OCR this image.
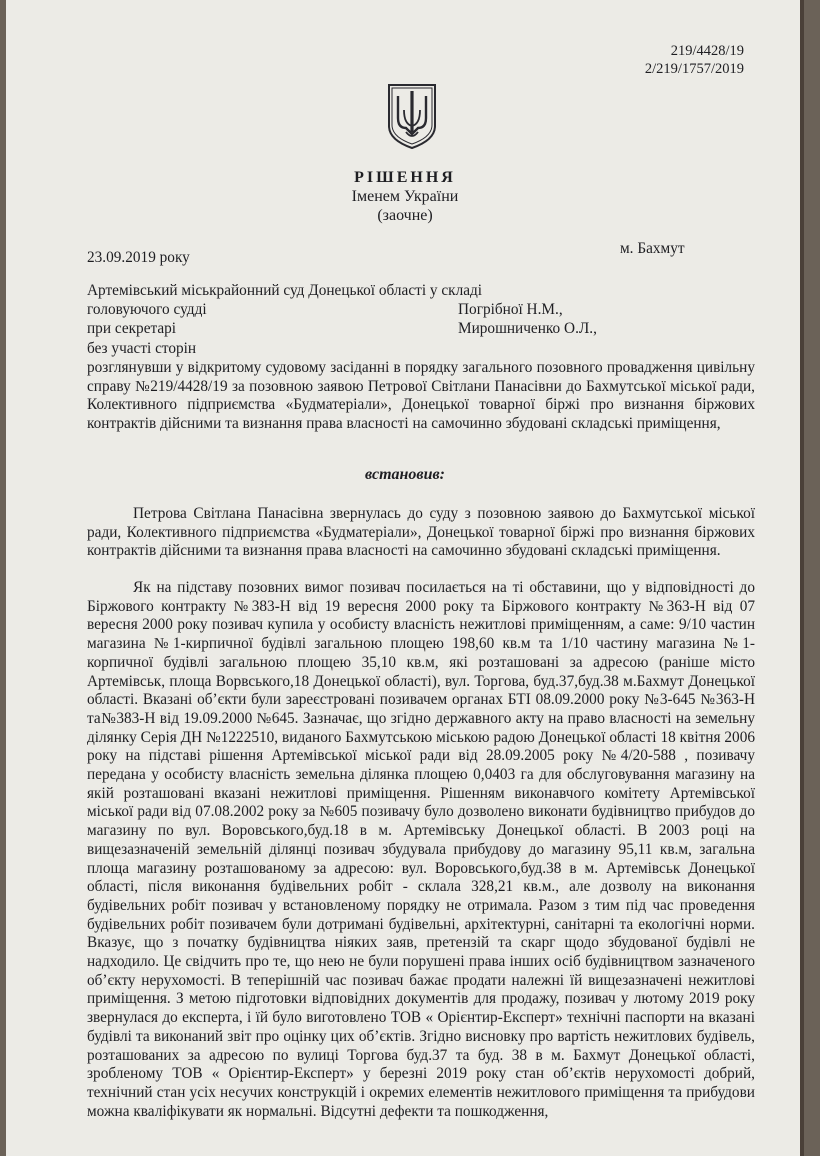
219/4428/19

2/219/1757/2019

РІШЕННЯ

Іменем України

(заочне)

23.09.2019 року

м. Бахмут

Артемівський міськрайонний суд Донецької області у складі

головуючого судді	Погрібної Н.М.,

при секретарі	Мирошниченко О.Л.,

без участі сторін

розглянувши у відкритому судовому засіданні в порядку загального позовного провадження цивільну справу №219/4428/19 за позовною заявою Петрової Світлани Панасівни до Бахмутської міської ради, Колективного підприємства «Будматеріали», Донецької товарної біржі про визнання біржових контрактів дійсними та визнання права власності на самочинно збудовані складські приміщення,

встановив:

Петрова Світлана Панасівна звернулась до суду з позовною заявою до Бахмутської міської ради, Колективного підприємства «Будматеріали», Донецької товарної біржі про визнання біржових контрактів дійсними та визнання права власності на самочинно збудовані складські приміщення.

Як на підставу позовних вимог позивач посилається на ті обставини, що у відповідності до Біржового контракту №383-Н від 19 вересня 2000 року та Біржового контракту №363-Н від 07 вересня 2000 року позивач купила у особисту власність нежитлові приміщенням, а саме: 9/10 частин магазина №1-кирпичної будівлі загальною площею 198,60 кв.м та 1/10 частину магазина №1-корпичної будівлі загальною площею 35,10 кв.м, які розташовані за адресою (раніше місто Артемівськ, площа Ворвського,18 Донецької області), вул. Торгова, буд.37,буд.38 м.Бахмут Донецької області. Вказані об’єкти були зареєстровані позивачем органах БТІ 08.09.2000 року №3-645 №363-Н та№383-Н від 19.09.2000 №645. Зазначає, що згідно державного акту на право власності на земельну ділянку Серія ДН №1222510, виданого Бахмутською міською радою Донецької області 18 квітня 2006 року на підставі рішення Артемівської міської ради від 28.09.2005 року №4/20-588 , позивачу передана у особисту власність земельна ділянка площею 0,0403 га для обслуговування магазину на якій розташовані вказані нежитлові приміщення. Рішенням виконавчого комітету Артемівської міської ради від 07.08.2002 року за №605 позивачу було дозволено виконати будівництво прибудов до магазину по вул. Воровського,буд.18 в м. Артемівську Донецької області. В 2003 році на вищезазначеній земельній ділянці позивач збудувала прибудову до магазину 95,11 кв.м, загальна площа магазину розташованому за адресою: вул. Воровського,буд.38 в м. Артемівськ Донецької області, після виконання будівельних робіт - склала 328,21 кв.м., але дозволу на виконання будівельних робіт позивач у встановленому порядку не отримала. Разом з тим під час проведення будівельних робіт позивачем були дотримані будівельні, архітектурні, санітарні та екологічні норми. Вказує, що з початку будівництва ніяких заяв, претензій та скарг щодо збудованої будівлі не надходило. Це свідчить про те, що нею не були порушені права інших осіб будівництвом зазначеного об’єкту нерухомості. В теперішній час позивач бажає продати належні їй вищезазначені нежитлові приміщення. З метою підготовки відповідних документів для продажу, позивач у лютому 2019 року звернулася до експерта, і їй було виготовлено ТОВ « Орієнтир-Експерт» технічні паспорти на вказані будівлі та виконаний звіт про оцінку цих об’єктів. Згідно висновку про вартість нежитлових будівель, розташованих за адресою по вулиці Торгова буд.37 та буд. 38 в м. Бахмут Донецької області, зробленому ТОВ « Орієнтир-Експерт» у березні 2019 року стан об’єктів нерухомості добрий, технічний стан усіх несучих конструкцій і окремих елементів нежитлового приміщення та прибудови можна кваліфікувати як нормальні. Відсутні дефекти та пошкодження,
